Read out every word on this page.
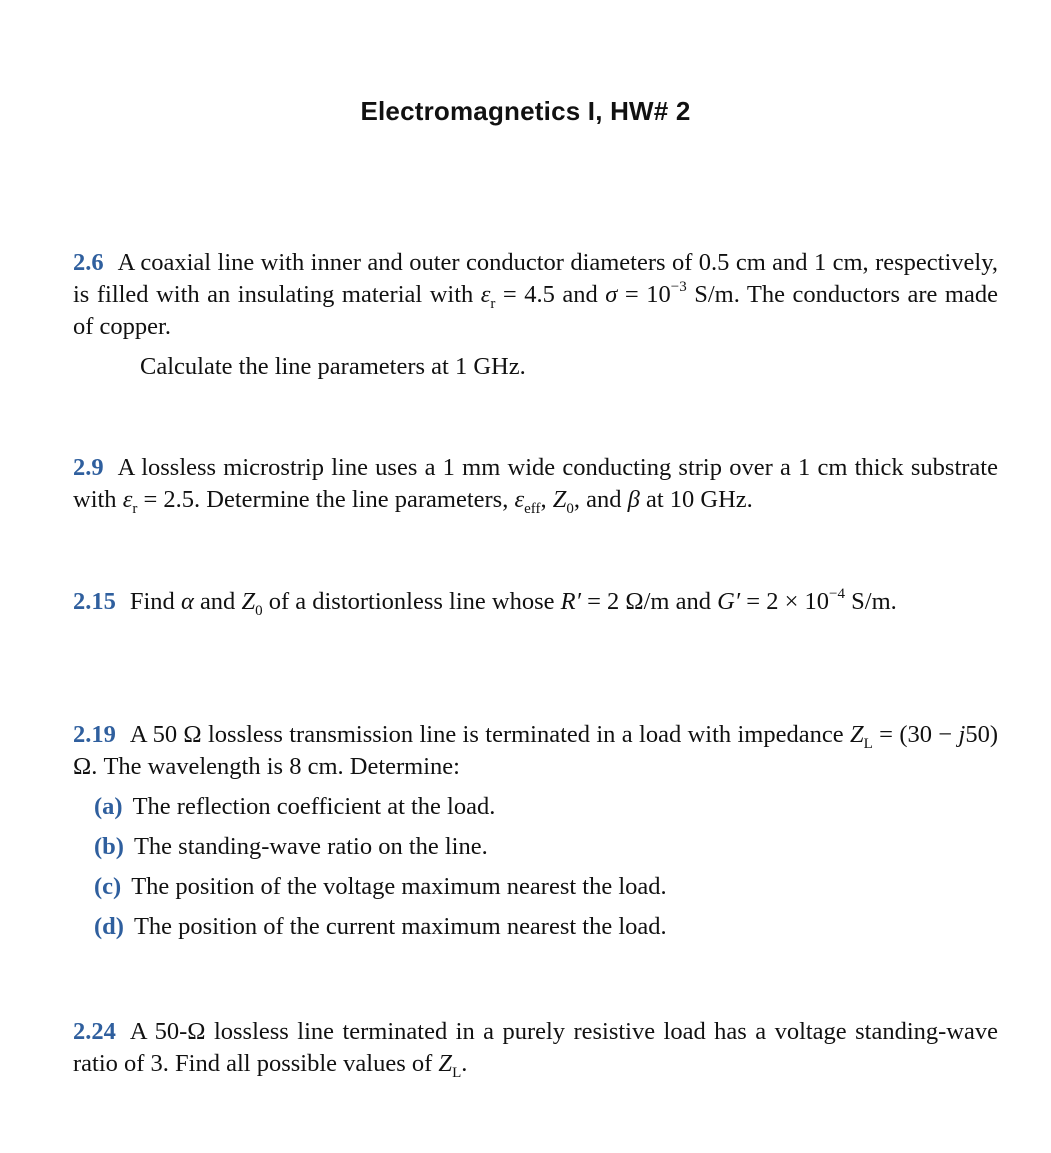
Electromagnetics I, HW# 2
2.6 A coaxial line with inner and outer conductor diameters of 0.5 cm and 1 cm, respectively, is filled with an insulating material with $\varepsilon_r = 4.5$ and $\sigma = 10^{-3}$ S/m. The conductors are made of copper.
Calculate the line parameters at 1 GHz.
2.9 A lossless microstrip line uses a 1 mm wide conducting strip over a 1 cm thick substrate with $\varepsilon_r = 2.5$. Determine the line parameters, $\varepsilon_{eff}$, $Z_0$, and β at 10 GHz.
2.15 Find α and $Z_0$ of a distortionless line whose R′ = 2 Ω/m and $G' = 2 \times 10^{-4}$ S/m.
2.19 A 50 Ω lossless transmission line is terminated in a load with impedance $Z_L = (30 - j50)$ Ω. The wavelength is 8 cm. Determine:
(a) The reflection coefficient at the load.
(b) The standing-wave ratio on the line.
(c) The position of the voltage maximum nearest the load.
(d) The position of the current maximum nearest the load.
2.24 A 50-Ω lossless line terminated in a purely resistive load has a voltage standing-wave ratio of 3. Find all possible values of $Z_L$.
